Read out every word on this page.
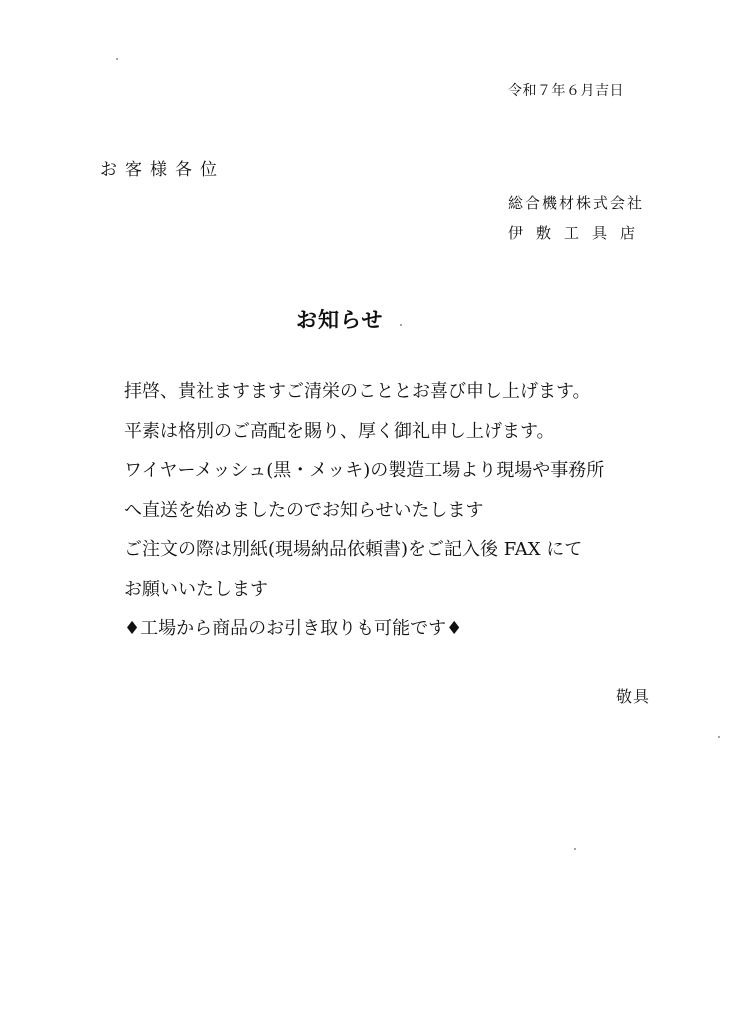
令和７年６月吉日
お客様各位
総合機材株式会社
伊敷工具店
お知らせ
拝啓、貴社ますますご清栄のこととお喜び申し上げます。
平素は格別のご高配を賜り、厚く御礼申し上げます。
ワイヤーメッシュ(黒・メッキ)の製造工場より現場や事務所
へ直送を始めましたのでお知らせいたします
ご注文の際は別紙(現場納品依頼書)をご記入後 FAX にて
お願いいたします
♦工場から商品のお引き取りも可能です♦
敬具
